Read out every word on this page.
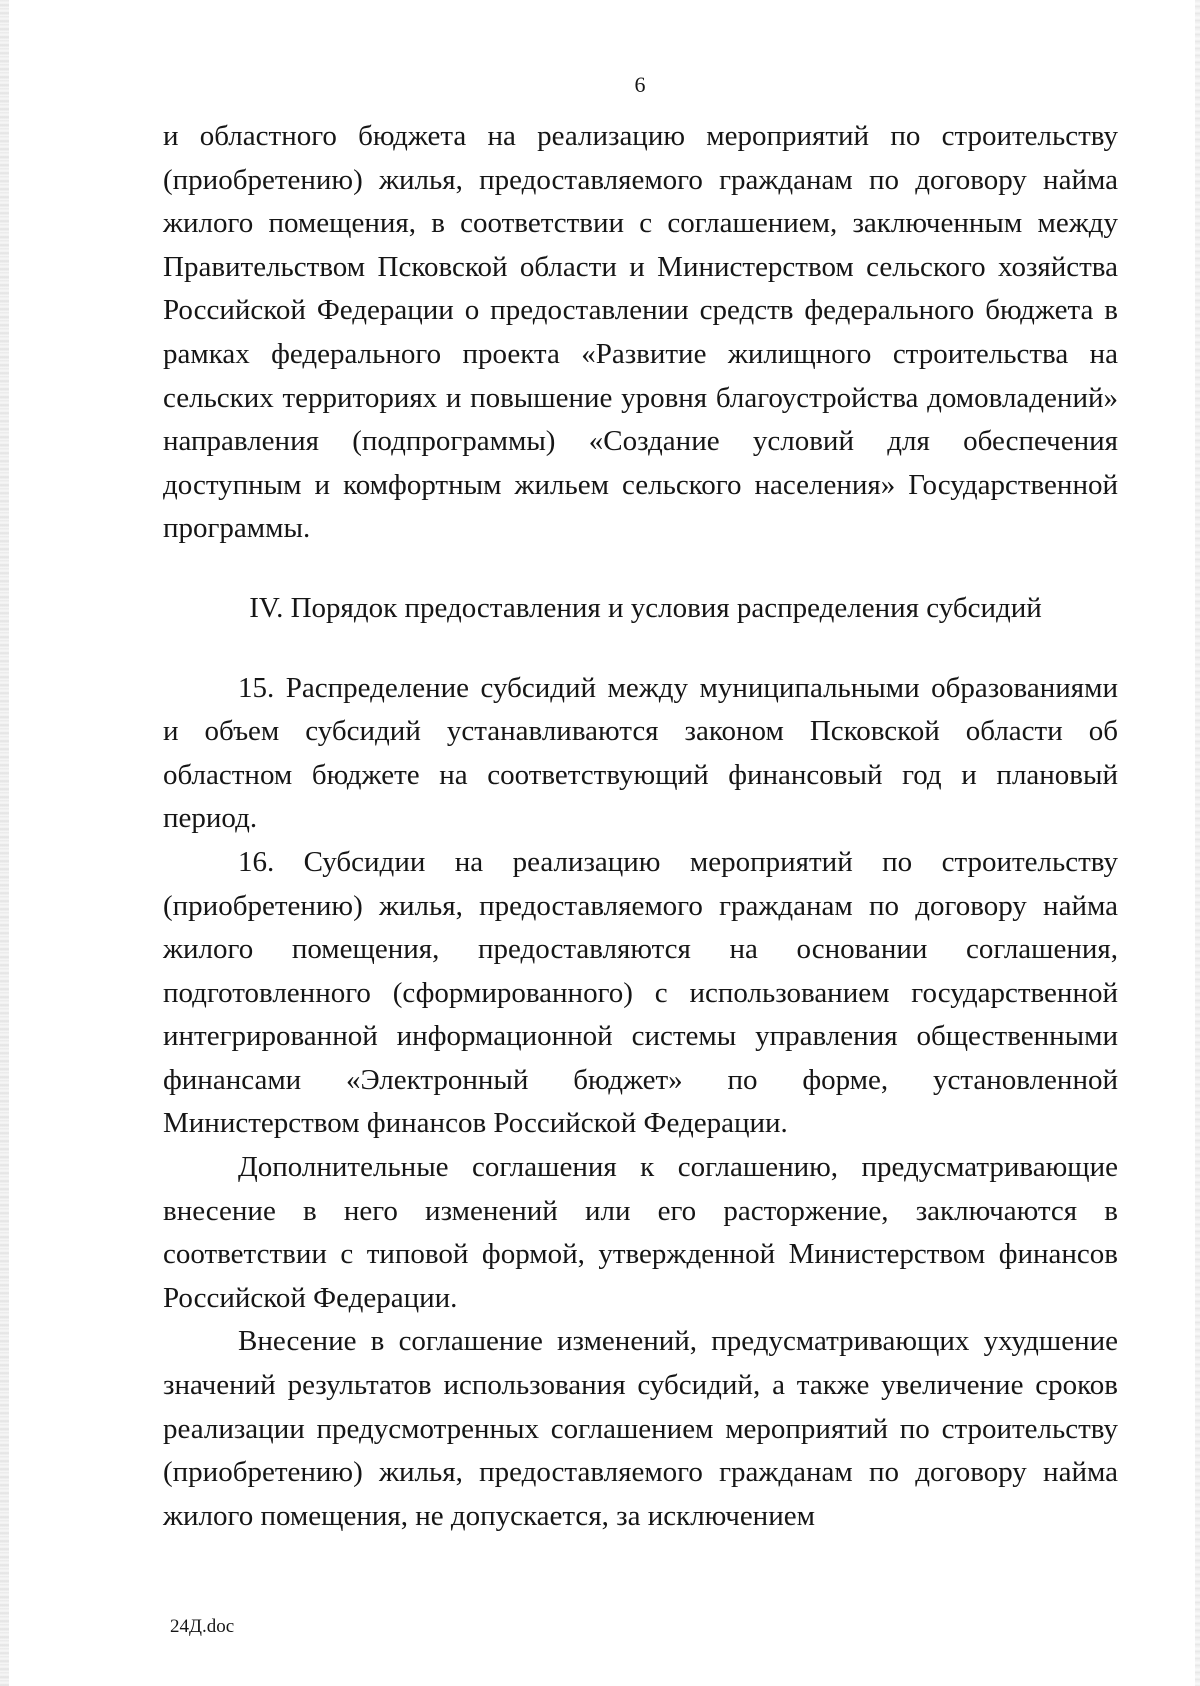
6

и областного бюджета на реализацию мероприятий по строительству (приобретению) жилья, предоставляемого гражданам по договору найма жилого помещения, в соответствии с соглашением, заключенным между Правительством Псковской области и Министерством сельского хозяйства Российской Федерации о предоставлении средств федерального бюджета в рамках федерального проекта «Развитие жилищного строительства на сельских территориях и повышение уровня благоустройства домовладений» направления (подпрограммы) «Создание условий для обеспечения доступным и комфортным жильем сельского населения» Государственной программы.

IV. Порядок предоставления и условия распределения субсидий

15. Распределение субсидий между муниципальными образованиями и объем субсидий устанавливаются законом Псковской области об областном бюджете на соответствующий финансовый год и плановый период.

16. Субсидии на реализацию мероприятий по строительству (приобретению) жилья, предоставляемого гражданам по договору найма жилого помещения, предоставляются на основании соглашения, подготовленного (сформированного) с использованием государственной интегрированной информационной системы управления общественными финансами «Электронный бюджет» по форме, установленной Министерством финансов Российской Федерации.

Дополнительные соглашения к соглашению, предусматривающие внесение в него изменений или его расторжение, заключаются в соответствии с типовой формой, утвержденной Министерством финансов Российской Федерации.

Внесение в соглашение изменений, предусматривающих ухудшение значений результатов использования субсидий, а также увеличение сроков реализации предусмотренных соглашением мероприятий по строительству (приобретению) жилья, предоставляемого гражданам по договору найма жилого помещения, не допускается, за исключением

24Д.doc
